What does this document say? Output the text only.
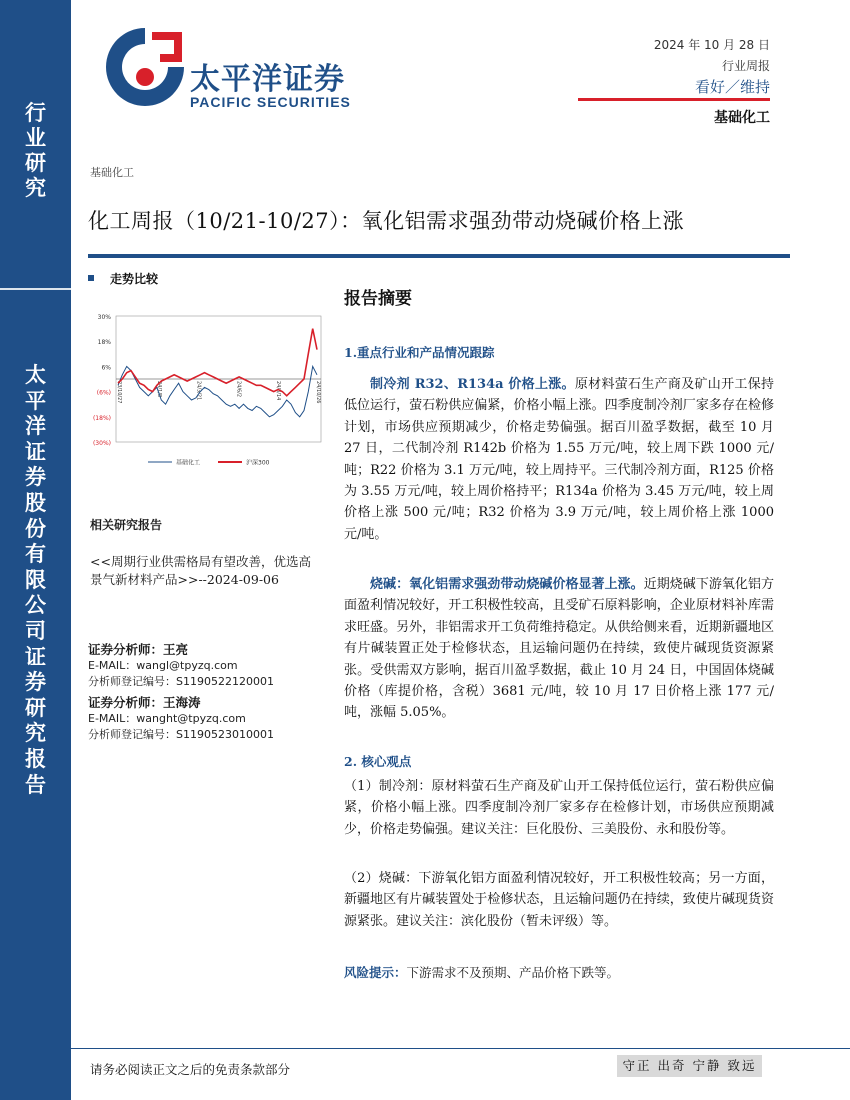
行
业
研
究
太
平
洋
证
券
股
份
有
限
公
司
证
券
研
究
报
告
太平洋证券
PACIFIC SECURITIES
2024 年 10 月 28 日
行业周报
看好／维持
基础化工
基础化工
化工周报（10/21-10/27）：氧化铝需求强劲带动烧碱价格上涨
走势比较
30%
18%
6%
(6%)
(18%)
(30%)
23/10/27	24/1/8	24/3/21	24/6/2	24/8/14	24/10/26
基础化工	沪深300
相关研究报告
<<周期行业供需格局有望改善，优选高景气新材料产品>>--2024-09-06
证券分析师：王亮
E-MAIL：wangl@tpyzq.com
分析师登记编号：S1190522120001
证券分析师：王海涛
E-MAIL：wanght@tpyzq.com
分析师登记编号：S1190523010001
报告摘要
1.重点行业和产品情况跟踪
制冷剂 R32、R134a 价格上涨。原材料萤石生产商及矿山开工保持低位运行，萤石粉供应偏紧，价格小幅上涨。四季度制冷剂厂家多存在检修计划，市场供应预期减少，价格走势偏强。据百川盈孚数据，截至 10 月 27 日，二代制冷剂 R142b 价格为 1.55 万元/吨，较上周下跌 1000 元/吨；R22 价格为 3.1 万元/吨，较上周持平。三代制冷剂方面，R125 价格为 3.55 万元/吨，较上周价格持平；R134a 价格为 3.45 万元/吨，较上周价格上涨 500 元/吨；R32 价格为 3.9 万元/吨，较上周价格上涨 1000 元/吨。
烧碱：氧化铝需求强劲带动烧碱价格显著上涨。近期烧碱下游氧化铝方面盈利情况较好，开工积极性较高，且受矿石原料影响，企业原材料补库需求旺盛。另外，非铝需求开工负荷维持稳定。从供给侧来看，近期新疆地区有片碱装置正处于检修状态，且运输问题仍在持续，致使片碱现货资源紧张。受供需双方影响，据百川盈孚数据，截止 10 月 24 日，中国固体烧碱价格（库提价格，含税）3681 元/吨，较 10 月 17 日价格上涨 177 元/吨，涨幅 5.05%。
2. 核心观点
（1）制冷剂：原材料萤石生产商及矿山开工保持低位运行，萤石粉供应偏紧，价格小幅上涨。四季度制冷剂厂家多存在检修计划，市场供应预期减少，价格走势偏强。建议关注：巨化股份、三美股份、永和股份等。
（2）烧碱：下游氧化铝方面盈利情况较好，开工积极性较高；另一方面，新疆地区有片碱装置处于检修状态，且运输问题仍在持续，致使片碱现货资源紧张。建议关注：滨化股份（暂未评级）等。
风险提示：下游需求不及预期、产品价格下跌等。
请务必阅读正文之后的免责条款部分	守正 出奇 宁静 致远
